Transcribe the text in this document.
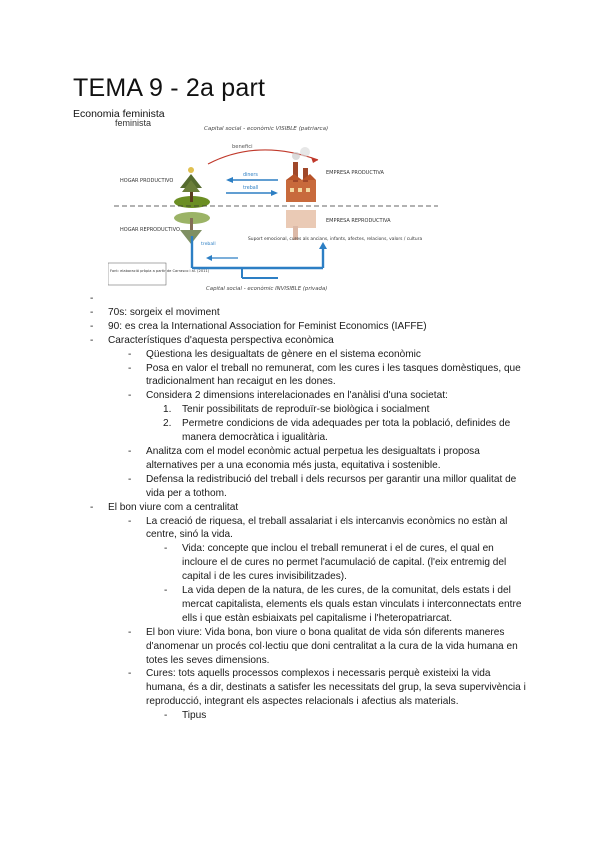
TEMA 9 - 2a part

Economia feminista

feminista
Capital social - econòmic VISIBLE (patriarca)
benefici
HOGAR PRODUCTIVO
HOGAR REPRODUCTIVO
EMPRESA PRODUCTIVA
EMPRESA REPRODUCTIVA
diners
treball
treball
Suport emocional, cures als ancians, infants, afectes, relacions, valors / cultura
Capital social - econòmic INVISIBLE (privada)
Font: elaboració pròpia a partir de Carrasco i al. (2011)
-

- 70s: sorgeix el moviment
- 90: es crea la International Association for Feminist Economics (IAFFE)
- Característiques d'aquesta perspectiva econòmica
- Qüestiona les desigualtats de gènere en el sistema econòmic
- Posa en valor el treball no remunerat, com les cures i les tasques domèstiques, que tradicionalment han recaigut en les dones.
- Considera 2 dimensions interelacionades en l'anàlisi d'una societat:
1. Tenir possibilitats de reproduïr-se biològica i socialment
2. Permetre condicions de vida adequades per tota la població, definides de manera democràtica i igualitària.
- Analitza com el model econòmic actual perpetua les desigualtats i proposa alternatives per a una economia més justa, equitativa i sostenible.
- Defensa la redistribució del treball i dels recursos per garantir una millor qualitat de vida per a tothom.
- El bon viure com a centralitat
- La creació de riquesa, el treball assalariat i els intercanvis econòmics no estàn al centre, sinó la vida.
- Vida: concepte que inclou el treball remunerat i el de cures, el qual en incloure el de cures no permet l'acumulació de capital. (l'eix entremig del capital i de les cures invisibilitzades).
- La vida depen de la natura, de les cures, de la comunitat, dels estats i del mercat capitalista, elements els quals estan vinculats i interconnectats entre ells i que estàn esbiaixats pel capitalisme i l'heteropatriarcat.
- El bon viure: Vida bona, bon viure o bona qualitat de vida són diferents maneres d'anomenar un procés col·lectiu que doni centralitat a la cura de la vida humana en totes les seves dimensions.
- Cures: tots aquells processos complexos i necessaris perquè existeixi la vida humana, és a dir, destinats a satisfer les necessitats del grup, la seva supervivència i reproducció, integrant els aspectes relacionals i afectius als materials.
- Tipus
